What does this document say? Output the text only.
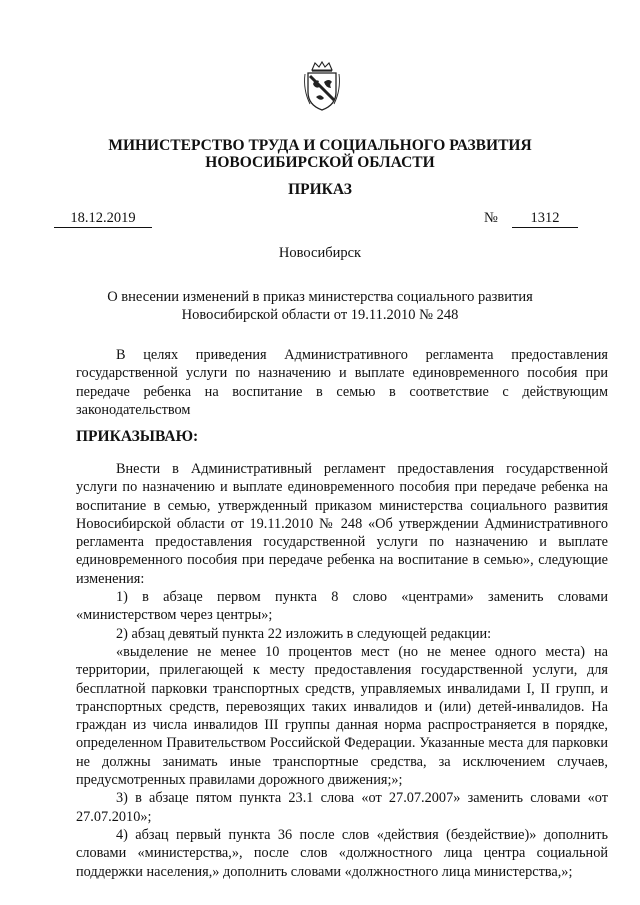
МИНИСТЕРСТВО ТРУДА И СОЦИАЛЬНОГО РАЗВИТИЯ
НОВОСИБИРСКОЙ ОБЛАСТИ
ПРИКАЗ
18.12.2019	№	1312
Новосибирск
О внесении изменений в приказ министерства социального развития
Новосибирской области от 19.11.2010 № 248

В целях приведения Административного регламента предоставления государственной услуги по назначению и выплате единовременного пособия при передаче ребенка на воспитание в семью в соответствие с действующим законодательством

ПРИКАЗЫВАЮ:
Внести в Административный регламент предоставления государственной услуги по назначению и выплате единовременного пособия при передаче ребенка на воспитание в семью, утвержденный приказом министерства социального развития Новосибирской области от 19.11.2010 № 248 «Об утверждении Административного регламента предоставления государственной услуги по назначению и выплате единовременного пособия при передаче ребенка на воспитание в семью», следующие изменения:
1) в абзаце первом пункта 8 слово «центрами» заменить словами «министерством через центры»;
2) абзац девятый пункта 22 изложить в следующей редакции:
«выделение не менее 10 процентов мест (но не менее одного места) на территории, прилегающей к месту предоставления государственной услуги, для бесплатной парковки транспортных средств, управляемых инвалидами I, II групп, и транспортных средств, перевозящих таких инвалидов и (или) детей-инвалидов. На граждан из числа инвалидов III группы данная норма распространяется в порядке, определенном Правительством Российской Федерации. Указанные места для парковки не должны занимать иные транспортные средства, за исключением случаев, предусмотренных правилами дорожного движения;»;
3) в абзаце пятом пункта 23.1 слова «от 27.07.2007» заменить словами «от 27.07.2010»;
4) абзац первый пункта 36 после слов «действия (бездействие)» дополнить словами «министерства,», после слов «должностного лица центра социальной поддержки населения,» дополнить словами «должностного лица министерства,»;
